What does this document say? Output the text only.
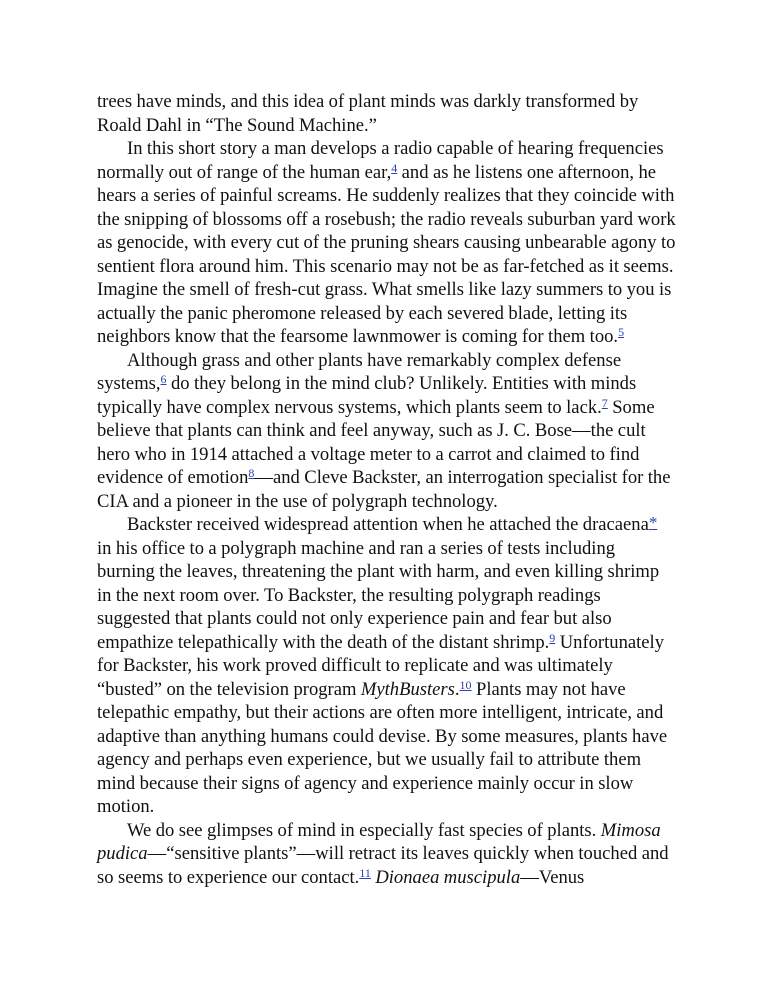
trees have minds, and this idea of plant minds was darkly transformed by Roald Dahl in “The Sound Machine.”

In this short story a man develops a radio capable of hearing frequencies normally out of range of the human ear,$^4$ and as he listens one afternoon, he hears a series of painful screams. He suddenly realizes that they coincide with the snipping of blossoms off a rosebush; the radio reveals suburban yard work as genocide, with every cut of the pruning shears causing unbearable agony to sentient flora around him. This scenario may not be as far-fetched as it seems. Imagine the smell of fresh-cut grass. What smells like lazy summers to you is actually the panic pheromone released by each severed blade, letting its neighbors know that the fearsome lawnmower is coming for them too.$^5$

Although grass and other plants have remarkably complex defense systems,$^6$ do they belong in the mind club? Unlikely. Entities with minds typically have complex nervous systems, which plants seem to lack.$^7$ Some believe that plants can think and feel anyway, such as J. C. Bose—the cult hero who in 1914 attached a voltage meter to a carrot and claimed to find evidence of emotion$^8$—and Cleve Backster, an interrogation specialist for the CIA and a pioneer in the use of polygraph technology.

Backster received widespread attention when he attached the dracaena* in his office to a polygraph machine and ran a series of tests including burning the leaves, threatening the plant with harm, and even killing shrimp in the next room over. To Backster, the resulting polygraph readings suggested that plants could not only experience pain and fear but also empathize telepathically with the death of the distant shrimp.$^9$ Unfortunately for Backster, his work proved difficult to replicate and was ultimately “busted” on the television program MythBusters.$^{10}$ Plants may not have telepathic empathy, but their actions are often more intelligent, intricate, and adaptive than anything humans could devise. By some measures, plants have agency and perhaps even experience, but we usually fail to attribute them mind because their signs of agency and experience mainly occur in slow motion.

We do see glimpses of mind in especially fast species of plants. Mimosa pudica—“sensitive plants”—will retract its leaves quickly when touched and so seems to experience our contact.$^{11}$ Dionaea muscipula—Venus
